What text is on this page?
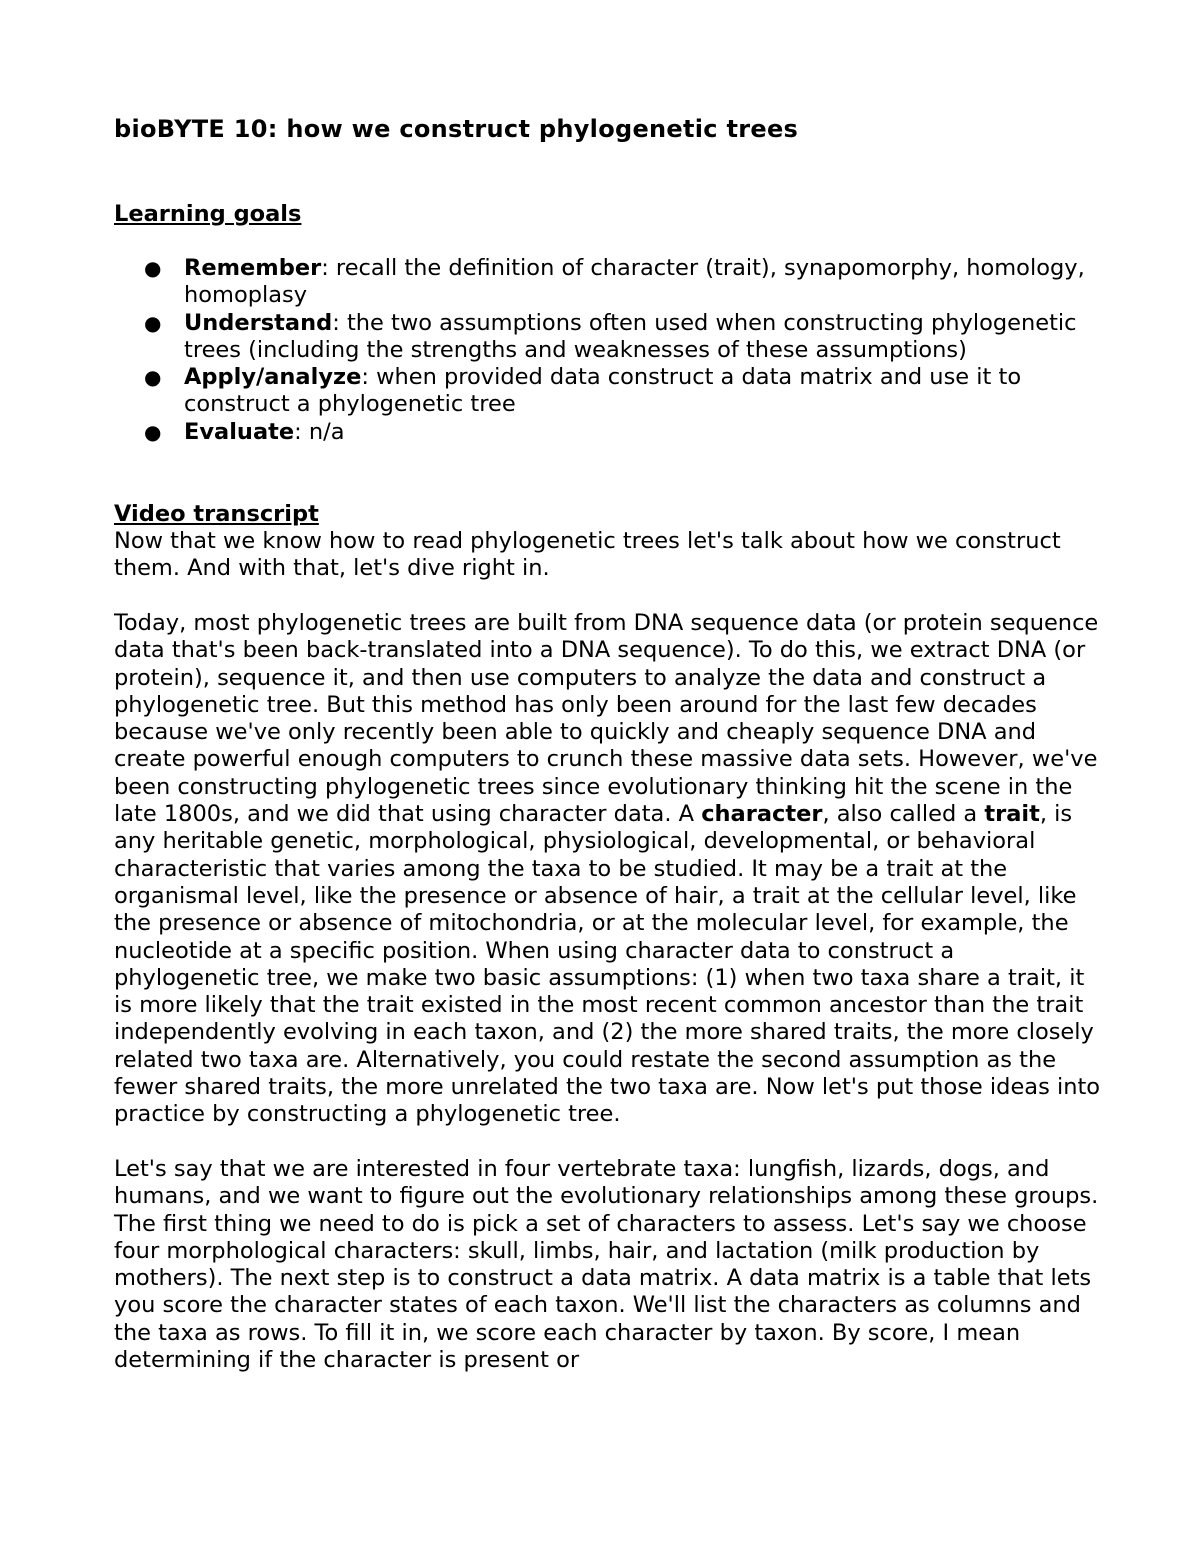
bioBYTE 10: how we construct phylogenetic trees
Learning goals
● Remember: recall the definition of character (trait), synapomorphy, homology, homoplasy
● Understand: the two assumptions often used when constructing phylogenetic trees (including the strengths and weaknesses of these assumptions)
● Apply/analyze: when provided data construct a data matrix and use it to construct a phylogenetic tree
● Evaluate: n/a
Video transcript

Now that we know how to read phylogenetic trees let's talk about how we construct them. And with that, let's dive right in.

Today, most phylogenetic trees are built from DNA sequence data (or protein sequence data that's been back-translated into a DNA sequence). To do this, we extract DNA (or protein), sequence it, and then use computers to analyze the data and construct a phylogenetic tree. But this method has only been around for the last few decades because we've only recently been able to quickly and cheaply sequence DNA and create powerful enough computers to crunch these massive data sets. However, we've been constructing phylogenetic trees since evolutionary thinking hit the scene in the late 1800s, and we did that using character data. A character, also called a trait, is any heritable genetic, morphological, physiological, developmental, or behavioral characteristic that varies among the taxa to be studied. It may be a trait at the organismal level, like the presence or absence of hair, a trait at the cellular level, like the presence or absence of mitochondria, or at the molecular level, for example, the nucleotide at a specific position. When using character data to construct a phylogenetic tree, we make two basic assumptions: (1) when two taxa share a trait, it is more likely that the trait existed in the most recent common ancestor than the trait independently evolving in each taxon, and (2) the more shared traits, the more closely related two taxa are. Alternatively, you could restate the second assumption as the fewer shared traits, the more unrelated the two taxa are. Now let's put those ideas into practice by constructing a phylogenetic tree.

Let's say that we are interested in four vertebrate taxa: lungfish, lizards, dogs, and humans, and we want to figure out the evolutionary relationships among these groups. The first thing we need to do is pick a set of characters to assess. Let's say we choose four morphological characters: skull, limbs, hair, and lactation (milk production by mothers). The next step is to construct a data matrix. A data matrix is a table that lets you score the character states of each taxon. We'll list the characters as columns and the taxa as rows. To fill it in, we score each character by taxon. By score, I mean determining if the character is present or
